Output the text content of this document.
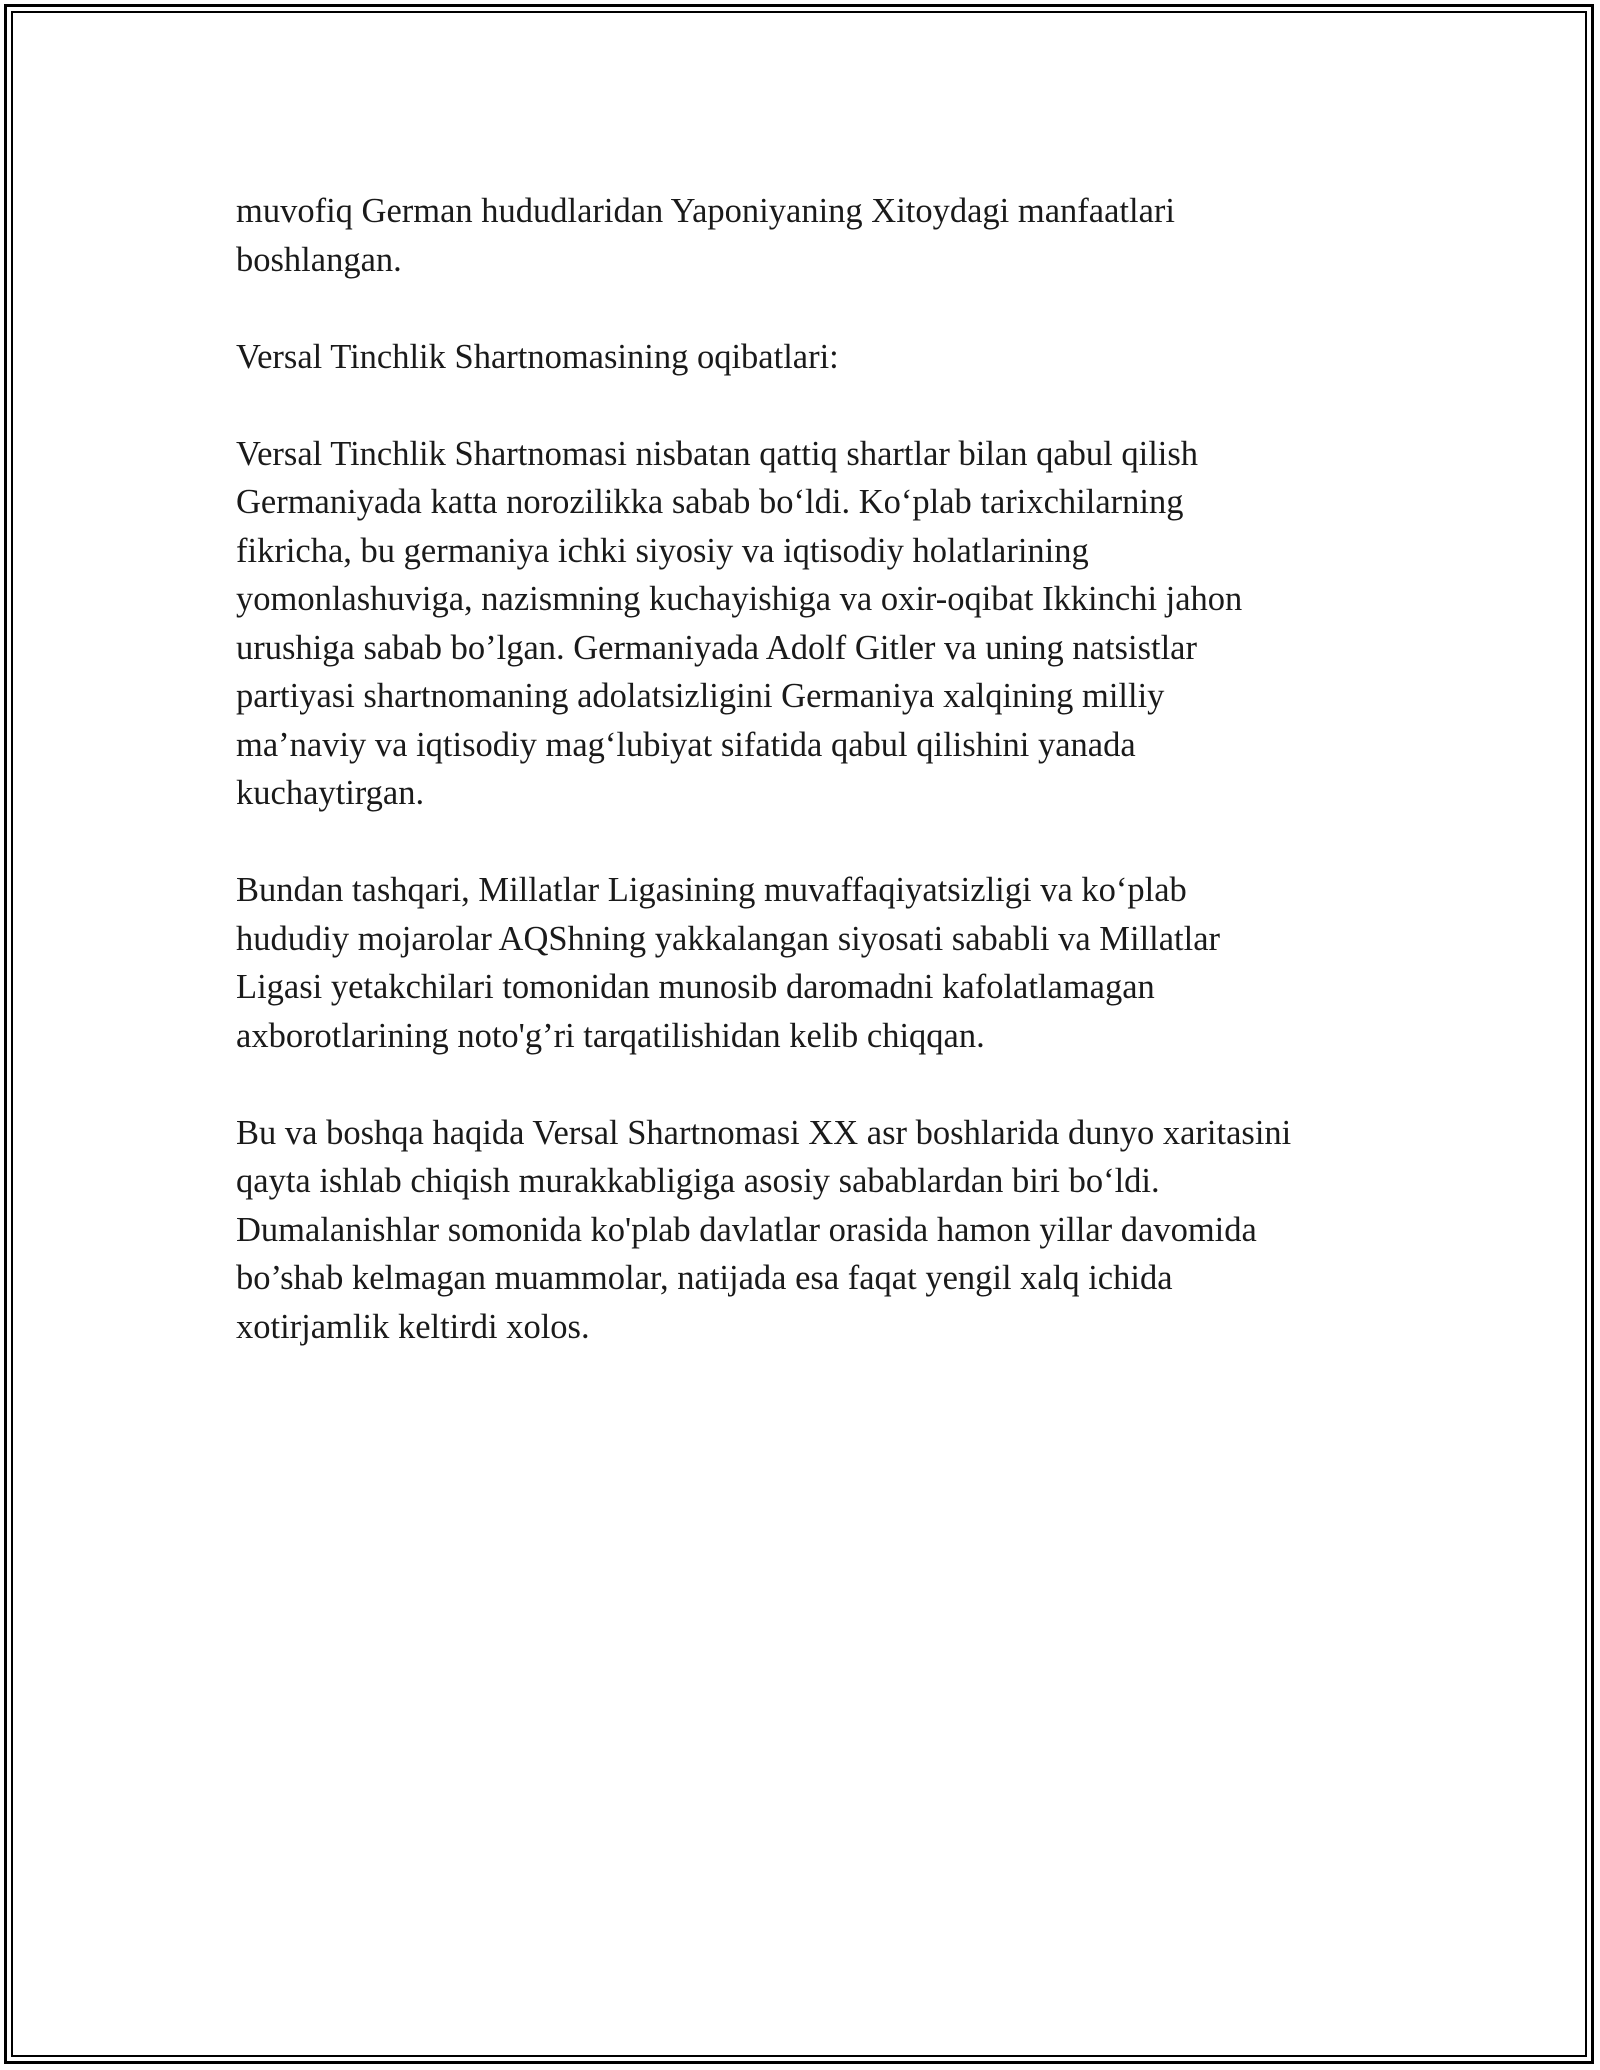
muvofiq German hududlaridan Yaponiyaning Xitoydagi manfaatlari
boshlangan.

Versal Tinchlik Shartnomasining oqibatlari:

Versal Tinchlik Shartnomasi nisbatan qattiq shartlar bilan qabul qilish
Germaniyada katta norozilikka sabab bo‘ldi. Ko‘plab tarixchilarning
fikricha, bu germaniya ichki siyosiy va iqtisodiy holatlarining
yomonlashuviga, nazismning kuchayishiga va oxir-oqibat Ikkinchi jahon
urushiga sabab bo’lgan. Germaniyada Adolf Gitler va uning natsistlar
partiyasi shartnomaning adolatsizligini Germaniya xalqining milliy
ma’naviy va iqtisodiy mag‘lubiyat sifatida qabul qilishini yanada
kuchaytirgan.

Bundan tashqari, Millatlar Ligasining muvaffaqiyatsizligi va ko‘plab
hududiy mojarolar AQShning yakkalangan siyosati sababli va Millatlar
Ligasi yetakchilari tomonidan munosib daromadni kafolatlamagan
axborotlarining noto'g’ri tarqatilishidan kelib chiqqan.

Bu va boshqa haqida Versal Shartnomasi XX asr boshlarida dunyo xaritasini
qayta ishlab chiqish murakkabligiga asosiy sabablardan biri bo‘ldi.
Dumalanishlar somonida ko'plab davlatlar orasida hamon yillar davomida
bo’shab kelmagan muammolar, natijada esa faqat yengil xalq ichida
xotirjamlik keltirdi xolos.
